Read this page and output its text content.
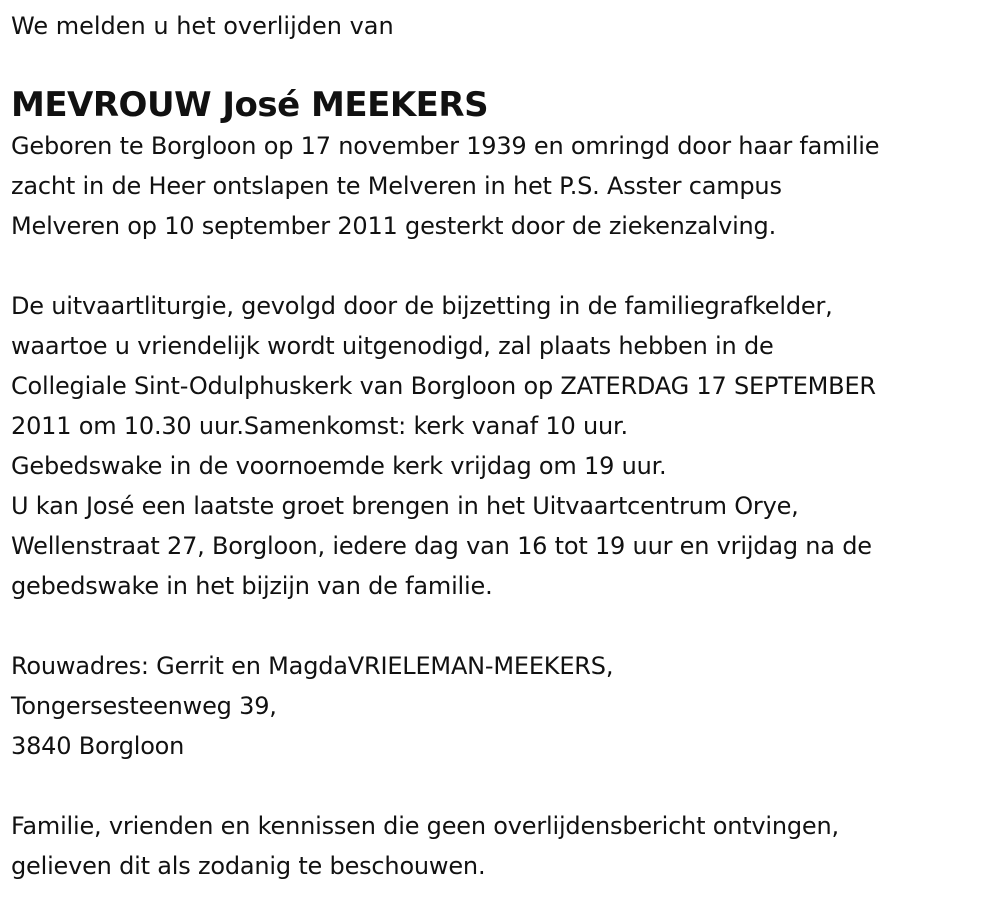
We melden u het overlijden van
MEVROUW José MEEKERS
Geboren te Borgloon op 17 november 1939 en omringd door haar familie
zacht in de Heer ontslapen te Melveren in het P.S. Asster campus
Melveren op 10 september 2011 gesterkt door de ziekenzalving.
De uitvaartliturgie, gevolgd door de bijzetting in de familiegrafkelder,
waartoe u vriendelijk wordt uitgenodigd, zal plaats hebben in de
Collegiale Sint-Odulphuskerk van Borgloon op ZATERDAG 17 SEPTEMBER
2011 om 10.30 uur.Samenkomst: kerk vanaf 10 uur.
Gebedswake in de voornoemde kerk vrijdag om 19 uur.
U kan José een laatste groet brengen in het Uitvaartcentrum Orye,
Wellenstraat 27, Borgloon, iedere dag van 16 tot 19 uur en vrijdag na de
gebedswake in het bijzijn van de familie.
Rouwadres: Gerrit en MagdaVRIELEMAN-MEEKERS,
Tongersesteenweg 39,
3840 Borgloon
Familie, vrienden en kennissen die geen overlijdensbericht ontvingen,
gelieven dit als zodanig te beschouwen.
